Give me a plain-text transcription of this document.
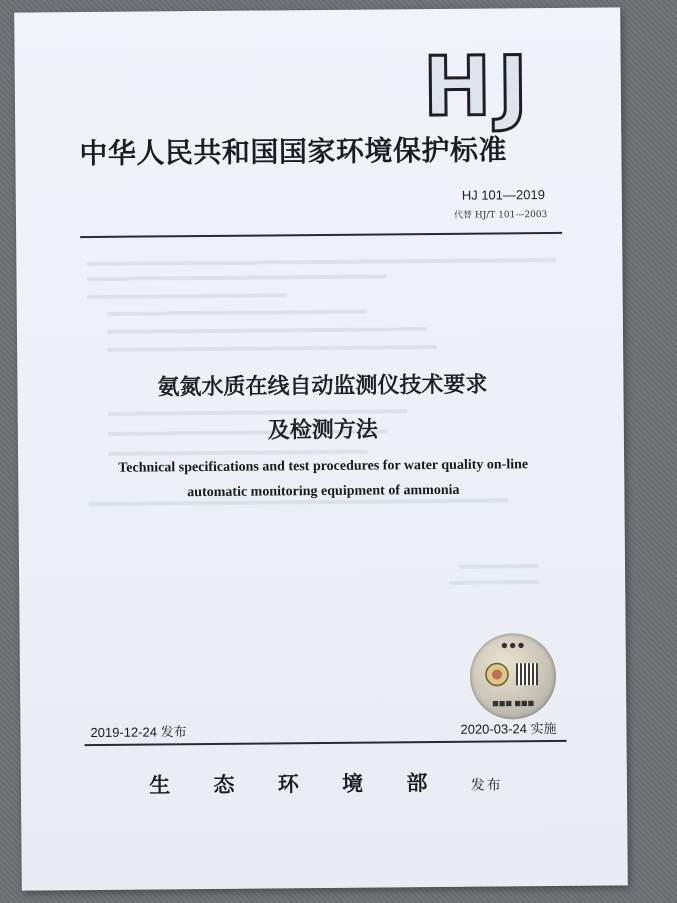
HJ
中华人民共和国国家环境保护标准
HJ 101—2019
代替 HJ/T 101—2003
氨氮水质在线自动监测仪技术要求
及检测方法
Technical specifications and test procedures for water quality on-line
automatic monitoring equipment of ammonia
● ● ●
■■■ ■■■
2019-12-24 发布	2020-03-24 实施
生 态 环 境 部 发布
